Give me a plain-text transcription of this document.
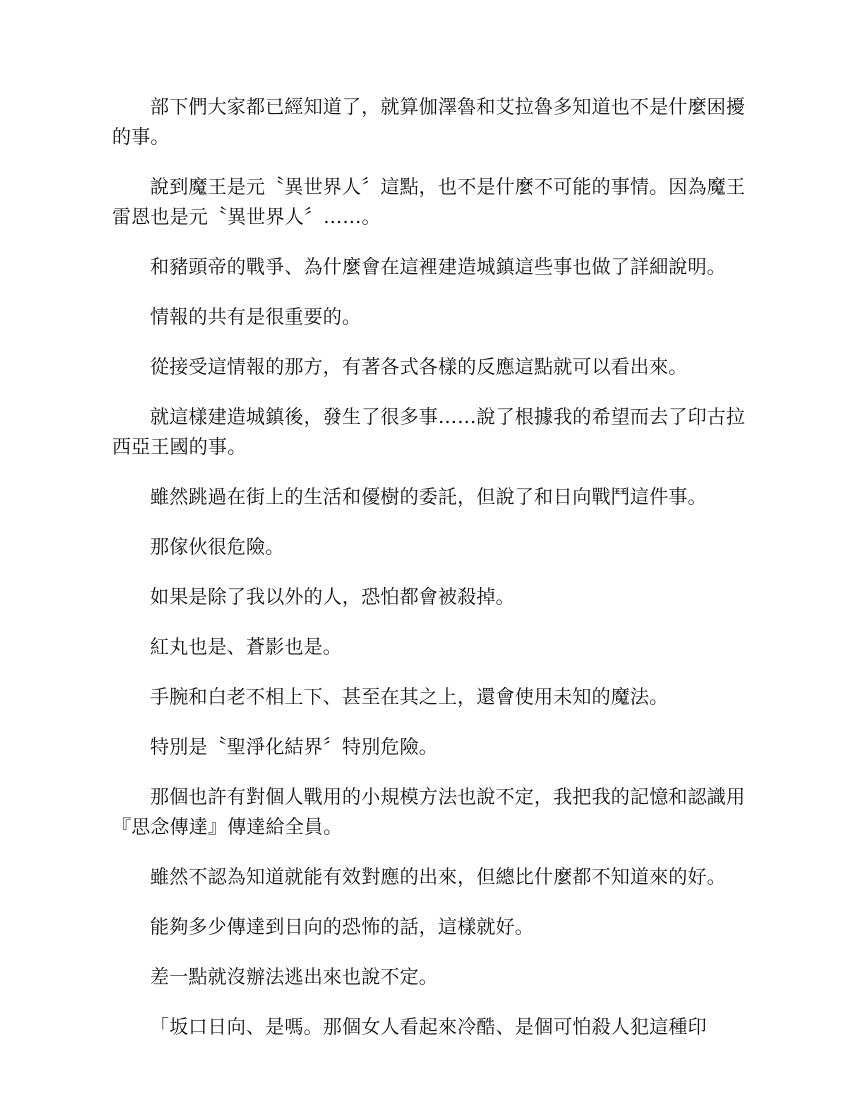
部下們大家都已經知道了，就算伽澤魯和艾拉魯多知道也不是什麼困擾的事。

說到魔王是元〝異世界人〞這點，也不是什麼不可能的事情。因為魔王雷恩也是元〝異世界人〞……。

和豬頭帝的戰爭、為什麼會在這裡建造城鎮這些事也做了詳細說明。

情報的共有是很重要的。

從接受這情報的那方，有著各式各樣的反應這點就可以看出來。

就這樣建造城鎮後，發生了很多事……說了根據我的希望而去了印古拉西亞王國的事。

雖然跳過在街上的生活和優樹的委託，但說了和日向戰鬥這件事。

那傢伙很危險。

如果是除了我以外的人，恐怕都會被殺掉。

紅丸也是、蒼影也是。

手腕和白老不相上下、甚至在其之上，還會使用未知的魔法。

特別是〝聖淨化結界〞特別危險。

那個也許有對個人戰用的小規模方法也說不定，我把我的記憶和認識用『思念傳達』傳達給全員。

雖然不認為知道就能有效對應的出來，但總比什麼都不知道來的好。

能夠多少傳達到日向的恐怖的話，這樣就好。

差一點就沒辦法逃出來也說不定。

「坂口日向、是嗎。那個女人看起來冷酷、是個可怕殺人犯這種印
